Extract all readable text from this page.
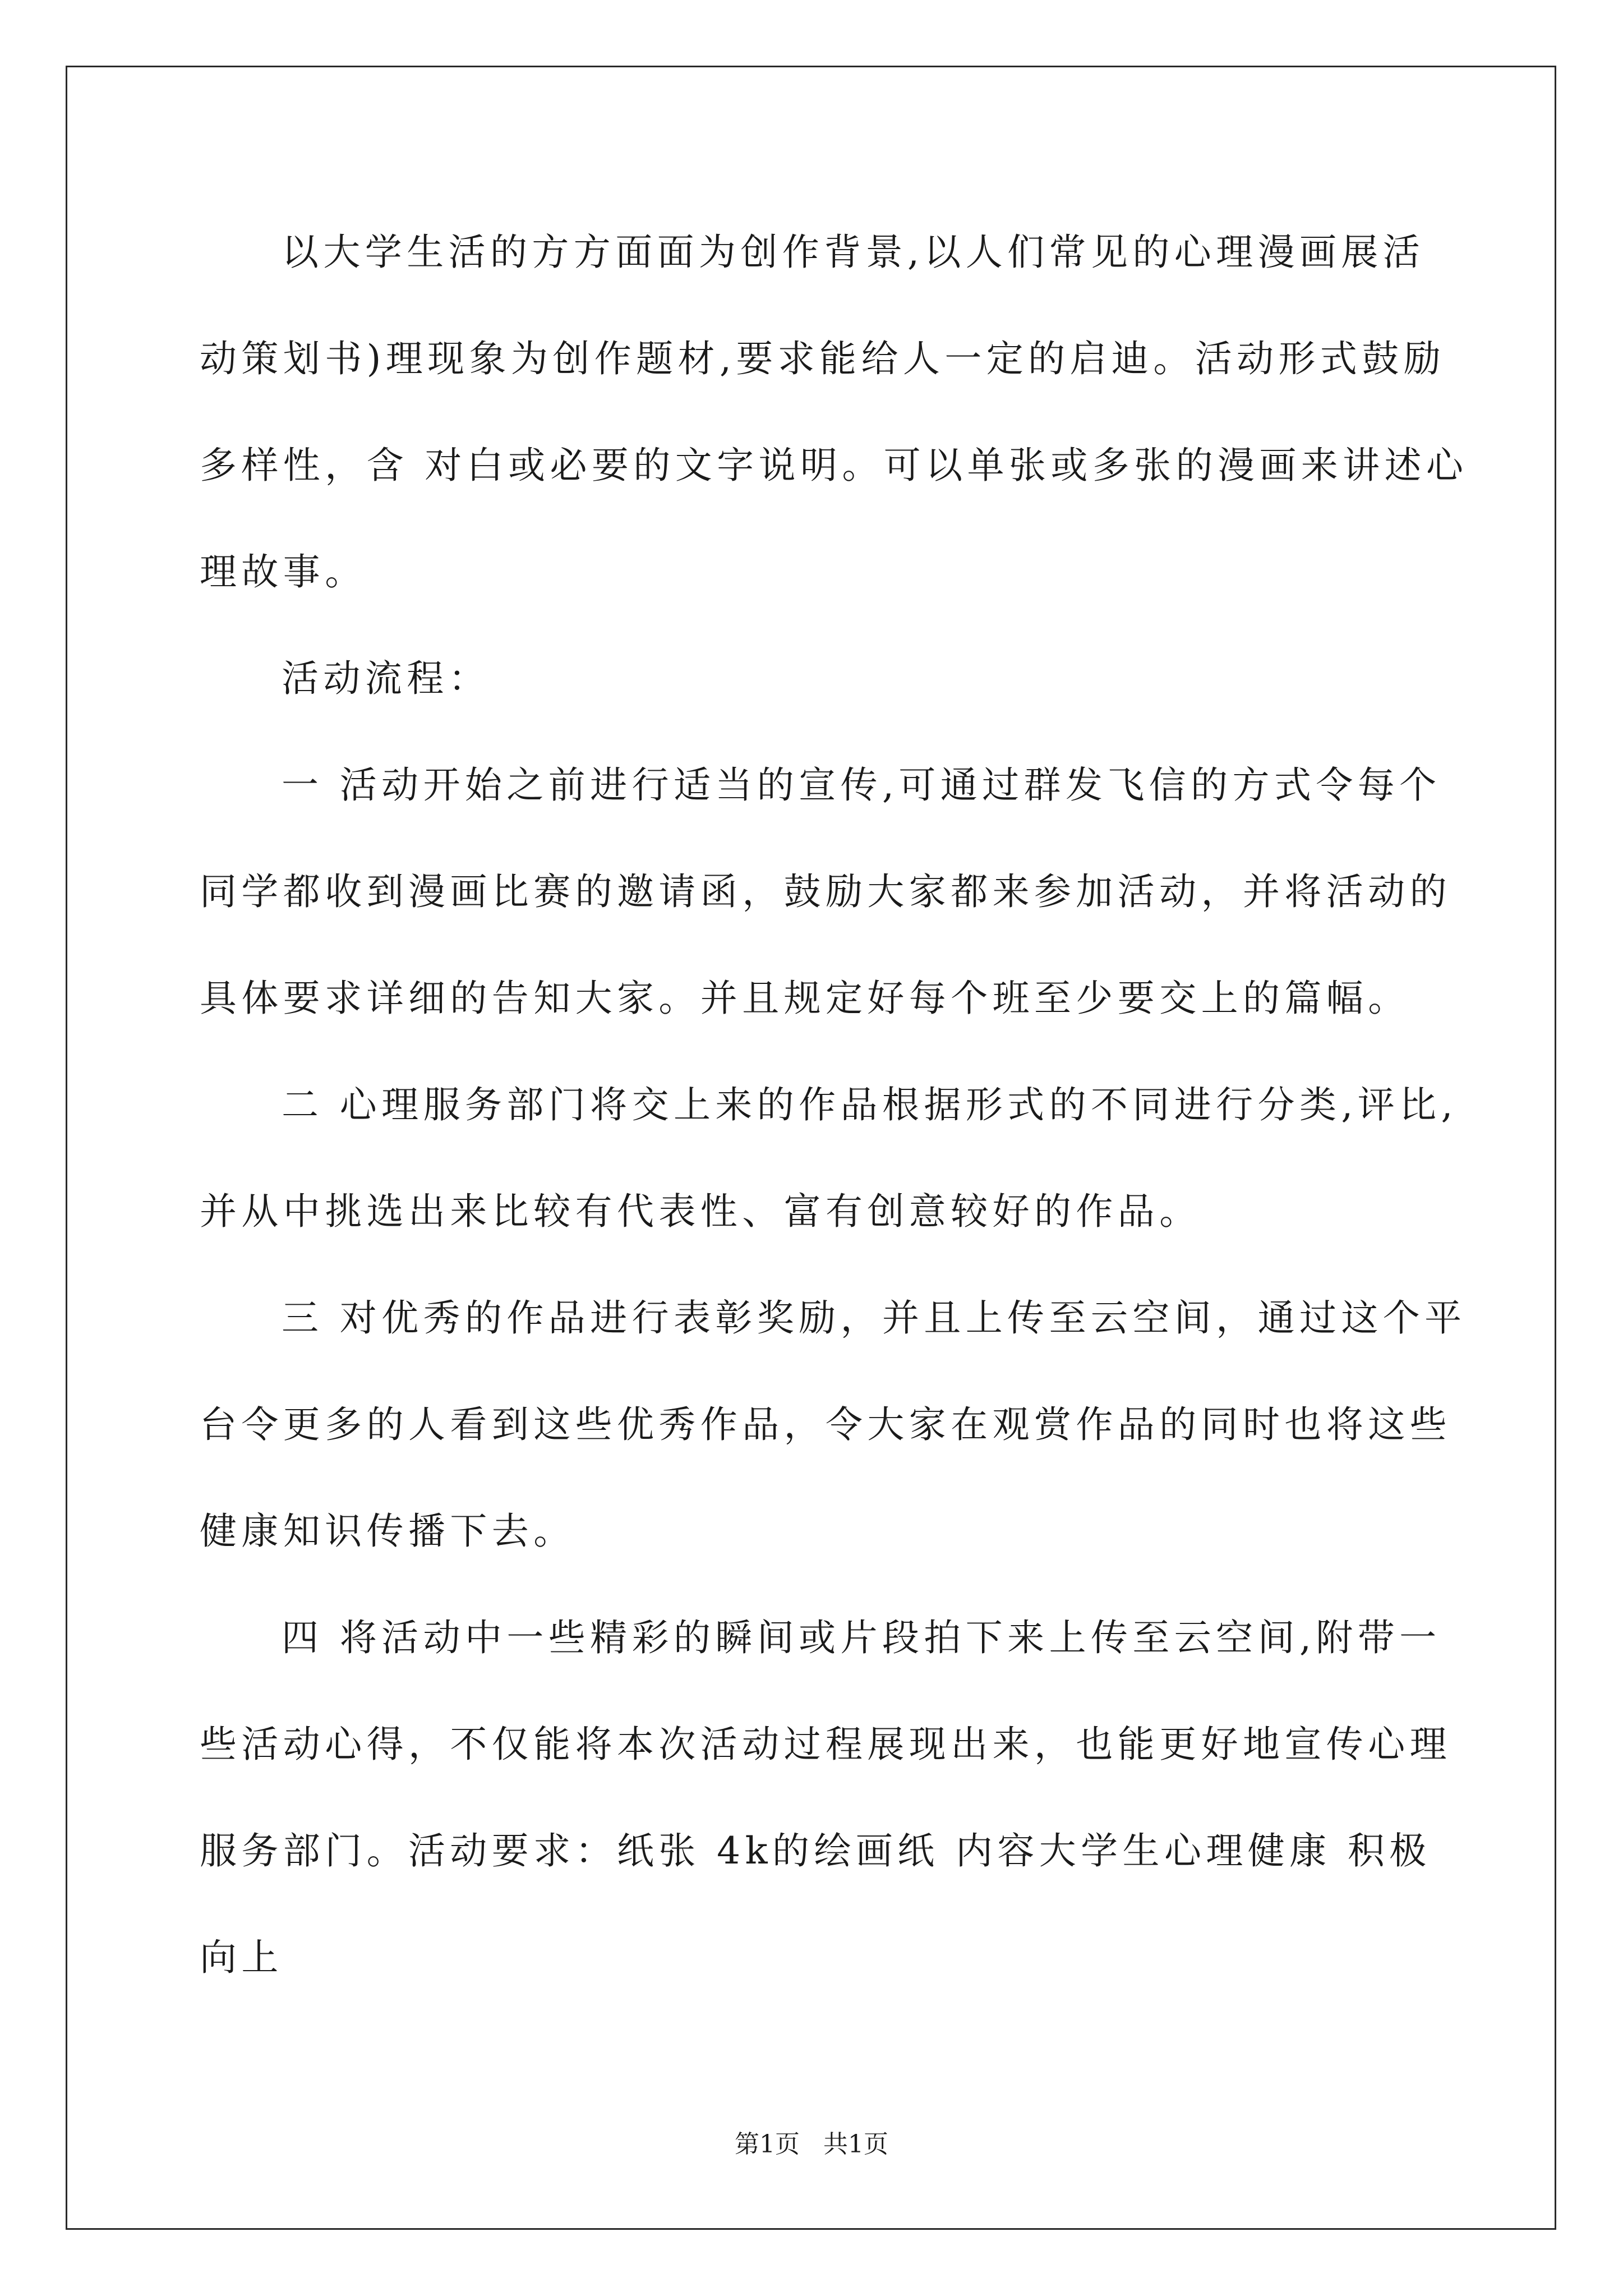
以大学生活的方方面面为创作背景,以人们常见的心理漫画展活
动策划书)理现象为创作题材,要求能给人一定的启迪。活动形式鼓励
多样性，含 对白或必要的文字说明。可以单张或多张的漫画来讲述心
理故事。
活动流程：
一 活动开始之前进行适当的宣传,可通过群发飞信的方式令每个
同学都收到漫画比赛的邀请函，鼓励大家都来参加活动，并将活动的
具体要求详细的告知大家。并且规定好每个班至少要交上的篇幅。
二 心理服务部门将交上来的作品根据形式的不同进行分类,评比,
并从中挑选出来比较有代表性、富有创意较好的作品。
三 对优秀的作品进行表彰奖励，并且上传至云空间，通过这个平
台令更多的人看到这些优秀作品，令大家在观赏作品的同时也将这些
健康知识传播下去。
四 将活动中一些精彩的瞬间或片段拍下来上传至云空间,附带一
些活动心得，不仅能将本次活动过程展现出来，也能更好地宣传心理
服务部门。活动要求：纸张 4k的绘画纸 内容大学生心理健康 积极
向上
第1页   共1页
